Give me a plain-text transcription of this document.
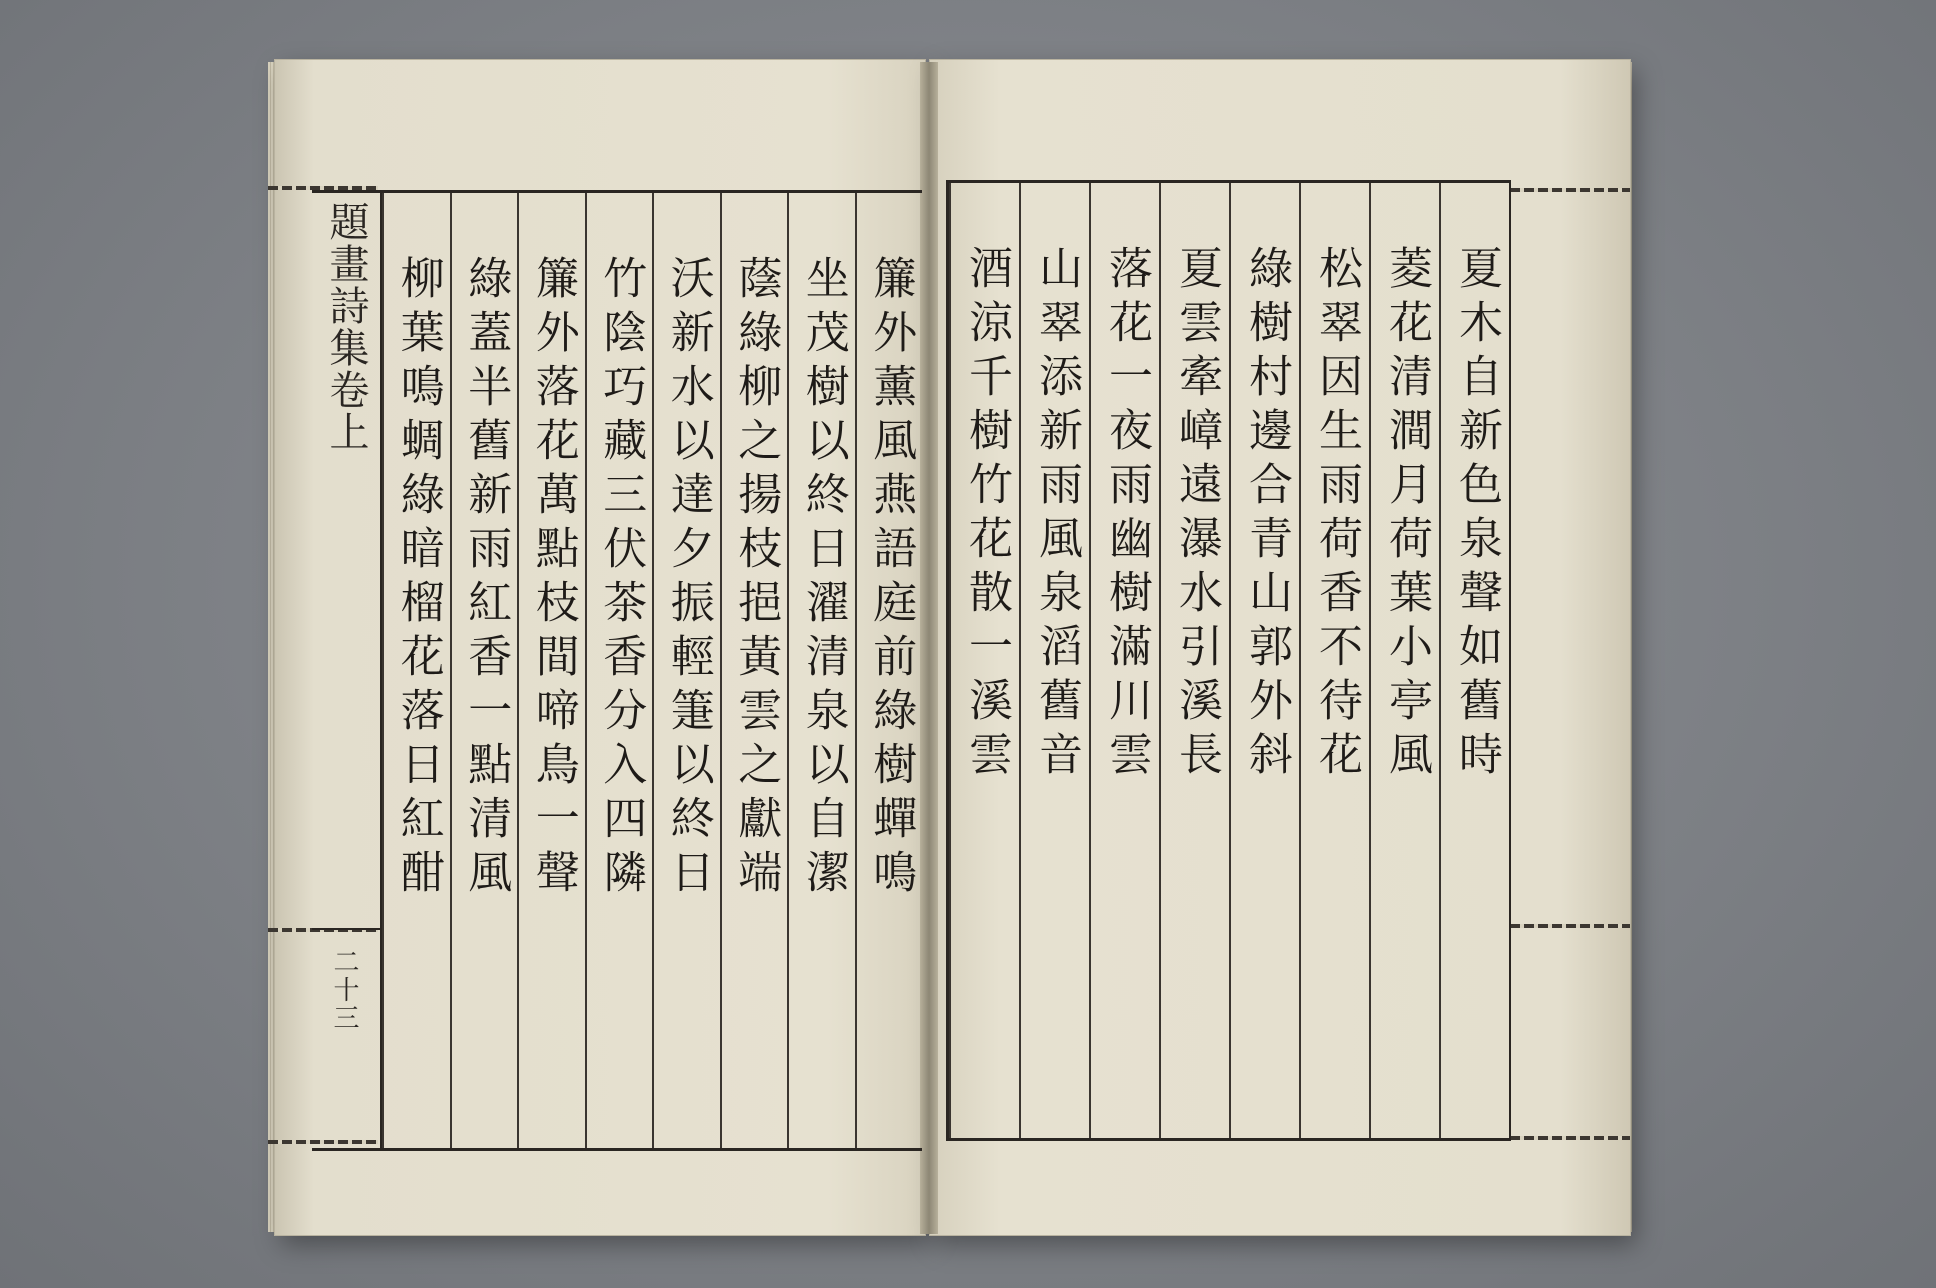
題畫詩集卷上
二十三
簾外薰風燕語庭前綠樹蟬鳴
坐茂樹以終日濯清泉以自潔
蔭綠柳之揚枝挹黃雲之獻端
沃新水以達夕振輕箑以終日
竹陰巧藏三伏茶香分入四隣
簾外落花萬點枝間啼鳥一聲
綠蓋半舊新雨紅香一點清風
柳葉鳴蜩綠暗榴花落日紅酣	夏木自新色泉聲如舊時
菱花清澗月荷葉小亭風
松翠因生雨荷香不待花
綠樹村邊合青山郭外斜
夏雲牽嶂遠瀑水引溪長
落花一夜雨幽樹滿川雲
山翠添新雨風泉滔舊音
酒涼千樹竹花散一溪雲
